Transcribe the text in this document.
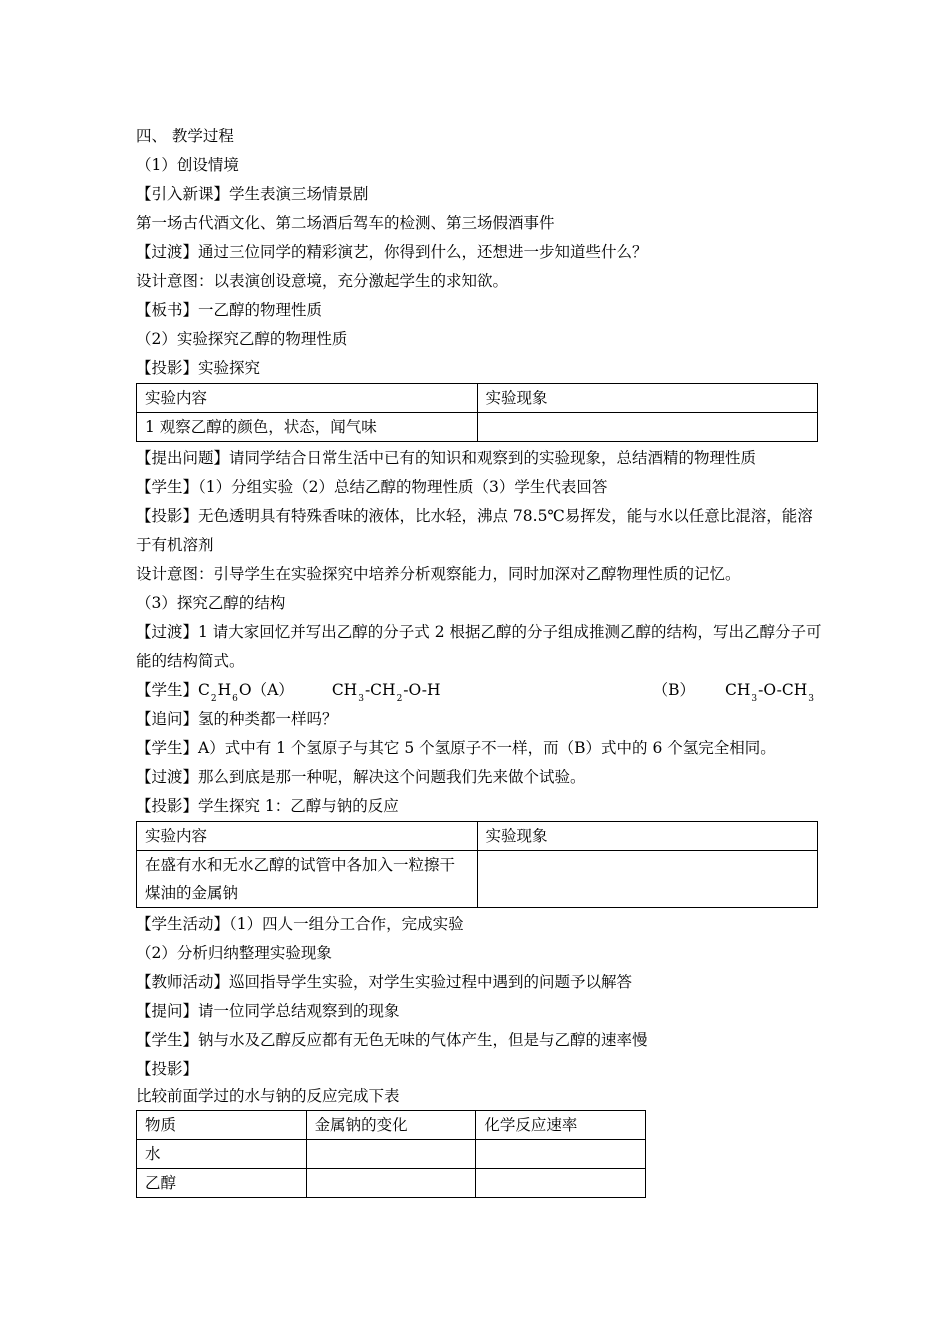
四、 教学过程
（1）创设情境
【引入新课】学生表演三场情景剧
第一场古代酒文化、第二场酒后驾车的检测、第三场假酒事件
【过渡】通过三位同学的精彩演艺，你得到什么，还想进一步知道些什么？
设计意图：以表演创设意境，充分激起学生的求知欲。
【板书】一乙醇的物理性质
（2）实验探究乙醇的物理性质
【投影】实验探究
实验内容	实验现象
1 观察乙醇的颜色，状态，闻气味	
【提出问题】请同学结合日常生活中已有的知识和观察到的实验现象，总结酒精的物理性质
【学生】（1）分组实验（2）总结乙醇的物理性质（3）学生代表回答
【投影】无色透明具有特殊香味的液体，比水轻，沸点 78.5℃易挥发，能与水以任意比混溶，能溶于有机溶剂
设计意图：引导学生在实验探究中培养分析观察能力，同时加深对乙醇物理性质的记忆。
（3）探究乙醇的结构
【过渡】1 请大家回忆并写出乙醇的分子式 2 根据乙醇的分子组成推测乙醇的结构，写出乙醇分子可能的结构简式。
【学生】$C_2H_6O(A)$ $CH_3-CH_2-O-H$	（B） $CH_3-O-CH_3$
【追问】氢的种类都一样吗？
【学生】A）式中有 1 个氢原子与其它 5 个氢原子不一样，而（B）式中的 6 个氢完全相同。
【过渡】那么到底是那一种呢，解决这个问题我们先来做个试验。
【投影】学生探究 1：乙醇与钠的反应
实验内容	实验现象
在盛有水和无水乙醇的试管中各加入一粒擦干煤油的金属钠	
【学生活动】（1）四人一组分工合作，完成实验
（2）分析归纳整理实验现象
【教师活动】巡回指导学生实验，对学生实验过程中遇到的问题予以解答
【提问】请一位同学总结观察到的现象
【学生】钠与水及乙醇反应都有无色无味的气体产生，但是与乙醇的速率慢
【投影】
比较前面学过的水与钠的反应完成下表
物质	金属钠的变化	化学反应速率
水		
乙醇		
